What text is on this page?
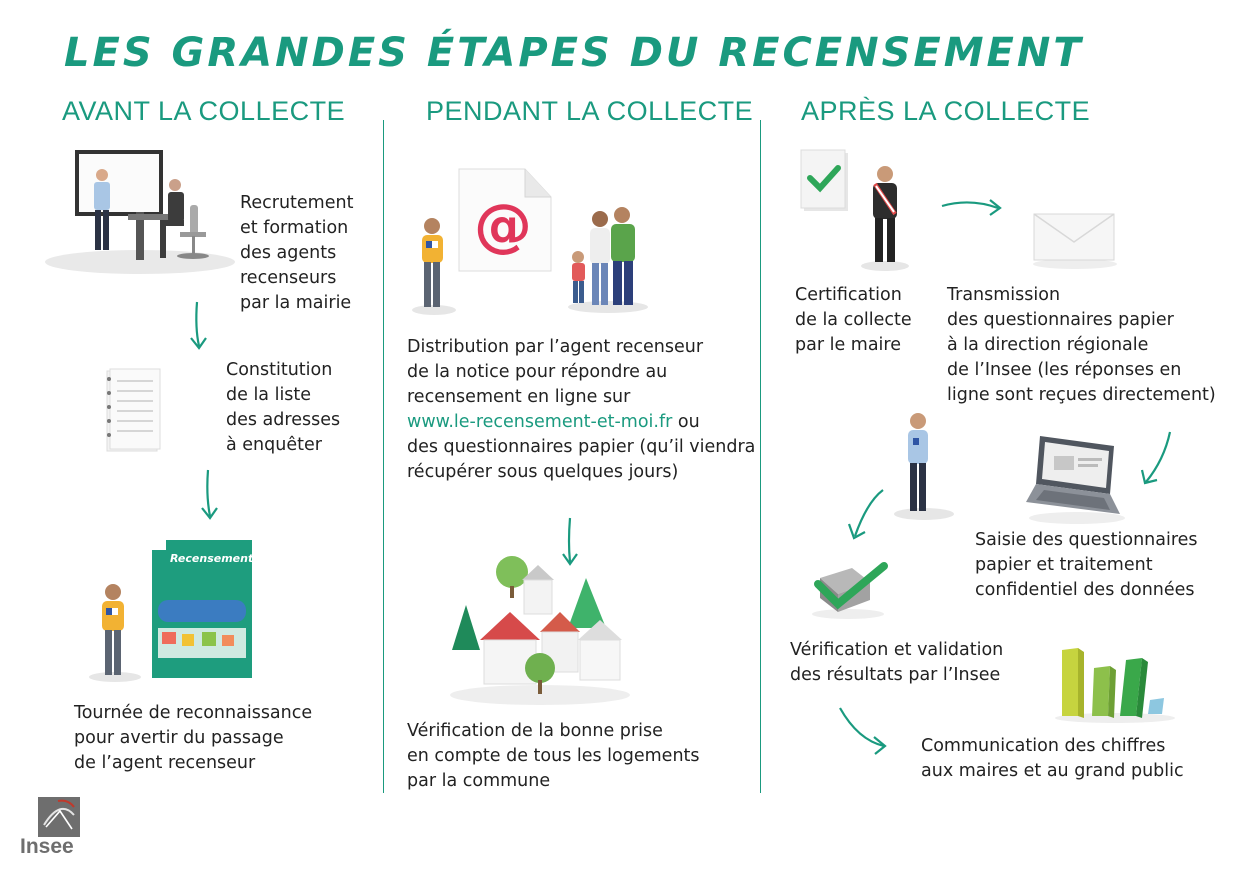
LES GRANDES ÉTAPES DU RECENSEMENT
AVANT LA COLLECTE	PENDANT LA COLLECTE APRÈS LA COLLECTE
Recrutement
et formation
des agents
recenseurs
par la mairie
Constitution
de la liste
des adresses
à enquêter
Recensement
Tournée de reconnaissance
pour avertir du passage
de l’agent recenseur
@
Distribution par l’agent recenseur
de la notice pour répondre au
recensement en ligne sur
www.le-recensement-et-moi.fr ou
des questionnaires papier (qu’il viendra
récupérer sous quelques jours)
Vérification de la bonne prise
en compte de tous les logements
par la commune
Certification
de la collecte
par le maire
Transmission
des questionnaires papier
à la direction régionale
de l’Insee (les réponses en
ligne sont reçues directement)
Saisie des questionnaires
papier et traitement
confidentiel des données
Vérification et validation
des résultats par l’Insee
Communication des chiffres
aux maires et au grand public
Insee
